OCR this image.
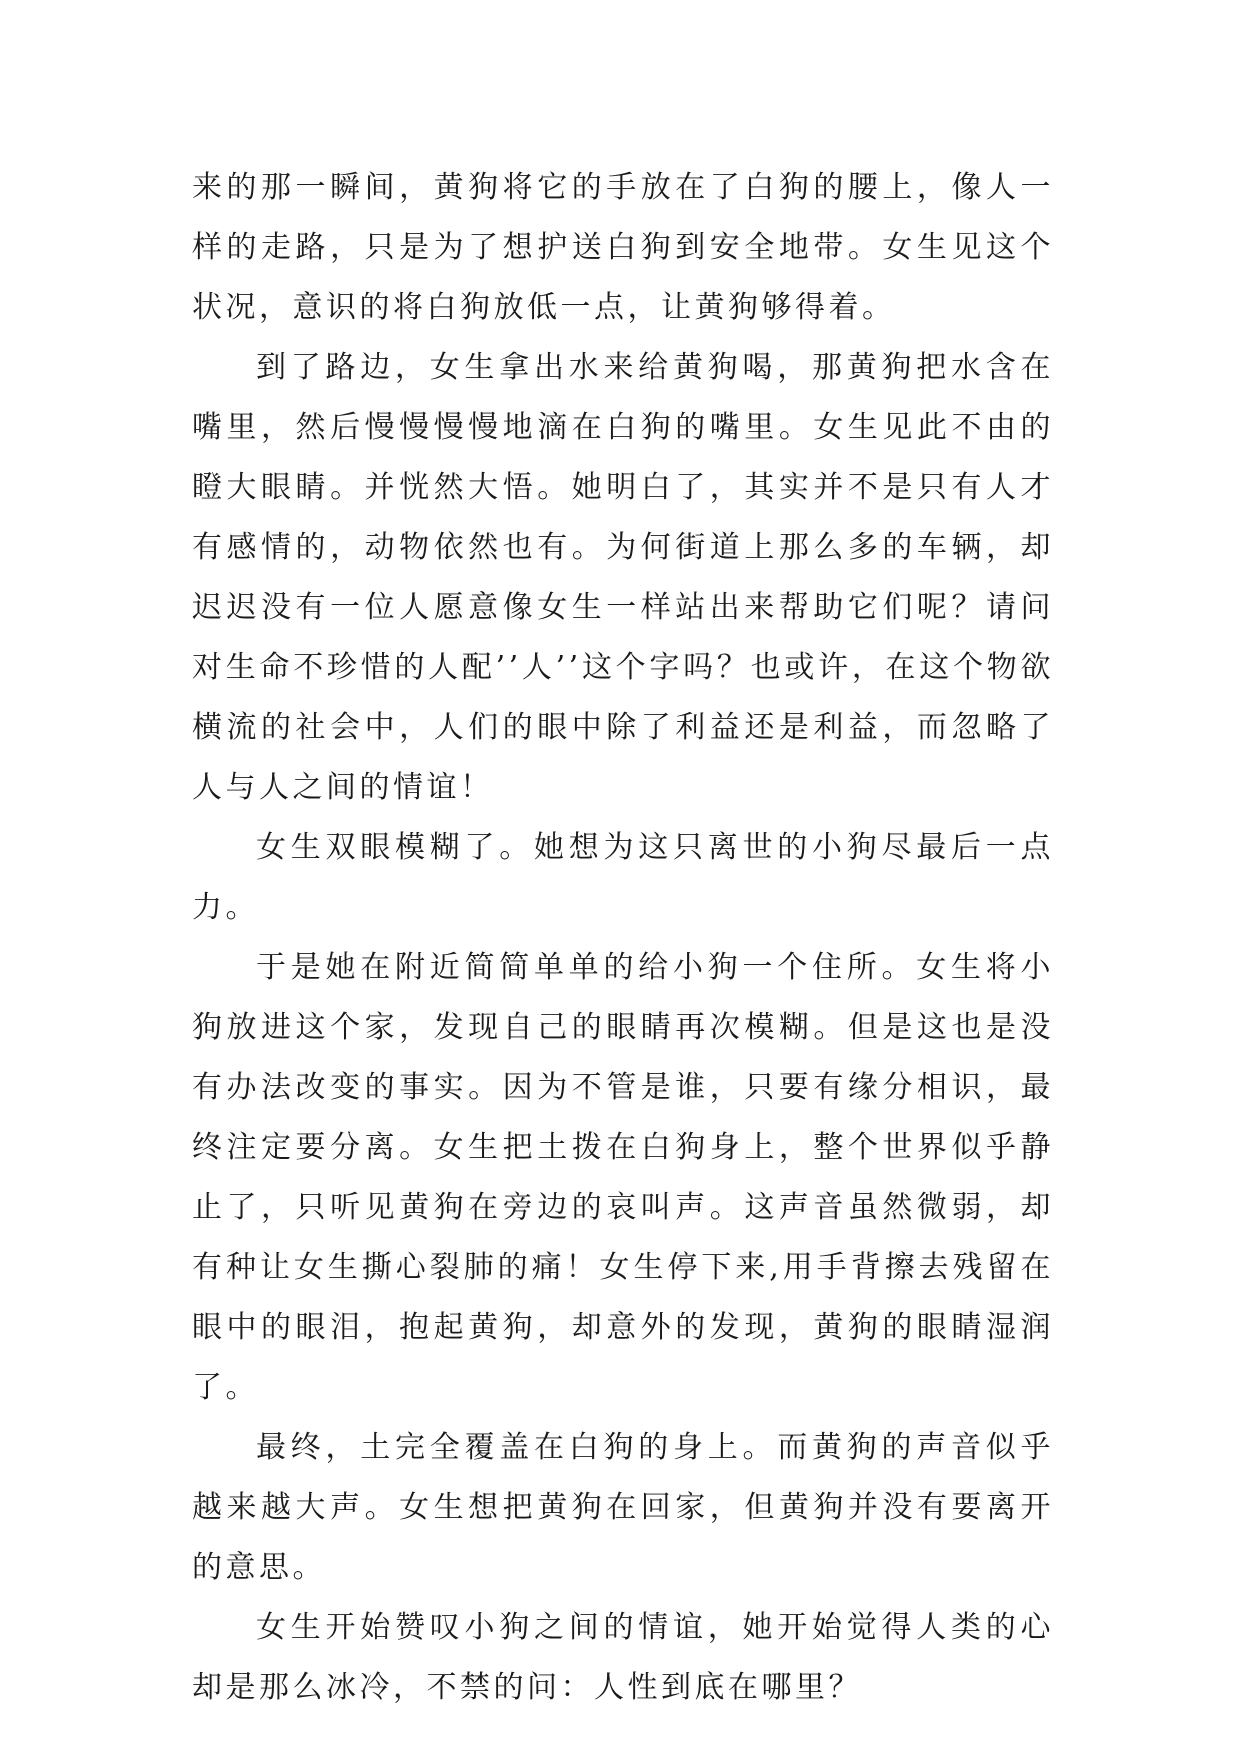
来的那一瞬间，黄狗将它的手放在了白狗的腰上，像人一样的走路，只是为了想护送白狗到安全地带。女生见这个状况，意识的将白狗放低一点，让黄狗够得着。

到了路边，女生拿出水来给黄狗喝，那黄狗把水含在嘴里，然后慢慢慢慢地滴在白狗的嘴里。女生见此不由的瞪大眼睛。并恍然大悟。她明白了，其实并不是只有人才有感情的，动物依然也有。为何街道上那么多的车辆，却迟迟没有一位人愿意像女生一样站出来帮助它们呢？请问对生命不珍惜的人配’’人’’这个字吗？也或许，在这个物欲横流的社会中，人们的眼中除了利益还是利益，而忽略了人与人之间的情谊！

女生双眼模糊了。她想为这只离世的小狗尽最后一点力。

于是她在附近简简单单的给小狗一个住所。女生将小狗放进这个家，发现自己的眼睛再次模糊。但是这也是没有办法改变的事实。因为不管是谁，只要有缘分相识，最终注定要分离。女生把土拨在白狗身上，整个世界似乎静止了，只听见黄狗在旁边的哀叫声。这声音虽然微弱，却有种让女生撕心裂肺的痛！女生停下来,用手背擦去残留在眼中的眼泪，抱起黄狗，却意外的发现，黄狗的眼睛湿润了。

最终，土完全覆盖在白狗的身上。而黄狗的声音似乎越来越大声。女生想把黄狗在回家，但黄狗并没有要离开的意思。

女生开始赞叹小狗之间的情谊，她开始觉得人类的心却是那么冰冷，不禁的问：人性到底在哪里？
